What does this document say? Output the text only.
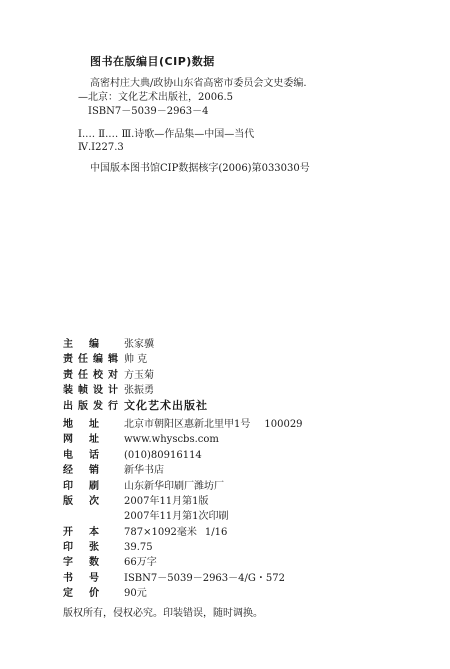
图书在版编目(CIP)数据
高密村庄大典/政协山东省高密市委员会文史委编.
—北京：文化艺术出版社，2006.5
ISBN7－5039－2963－4
Ⅰ.… Ⅱ.… Ⅲ.诗歌—作品集—中国—当代
Ⅳ.I227.3
中国版本图书馆CIP数据核字(2006)第033030号
主编	张家骥
责任编辑 帅 克
责任校对 方玉菊
装帧设计 张振勇
出版发行 文化艺术出版社
地址	北京市朝阳区惠新北里甲1号 100029
网址	www.whyscbs.com
电话	(010)80916114
经销	新华书店
印刷	山东新华印刷厂潍坊厂
版次	2007年11月第1版
2007年11月第1次印刷
开本	787×1092毫米 1/16
印张	39.75
字数	66万字
书号	ISBN7－5039－2963－4/G・572
定价	90元
版权所有，侵权必究。印装错误，随时调换。
